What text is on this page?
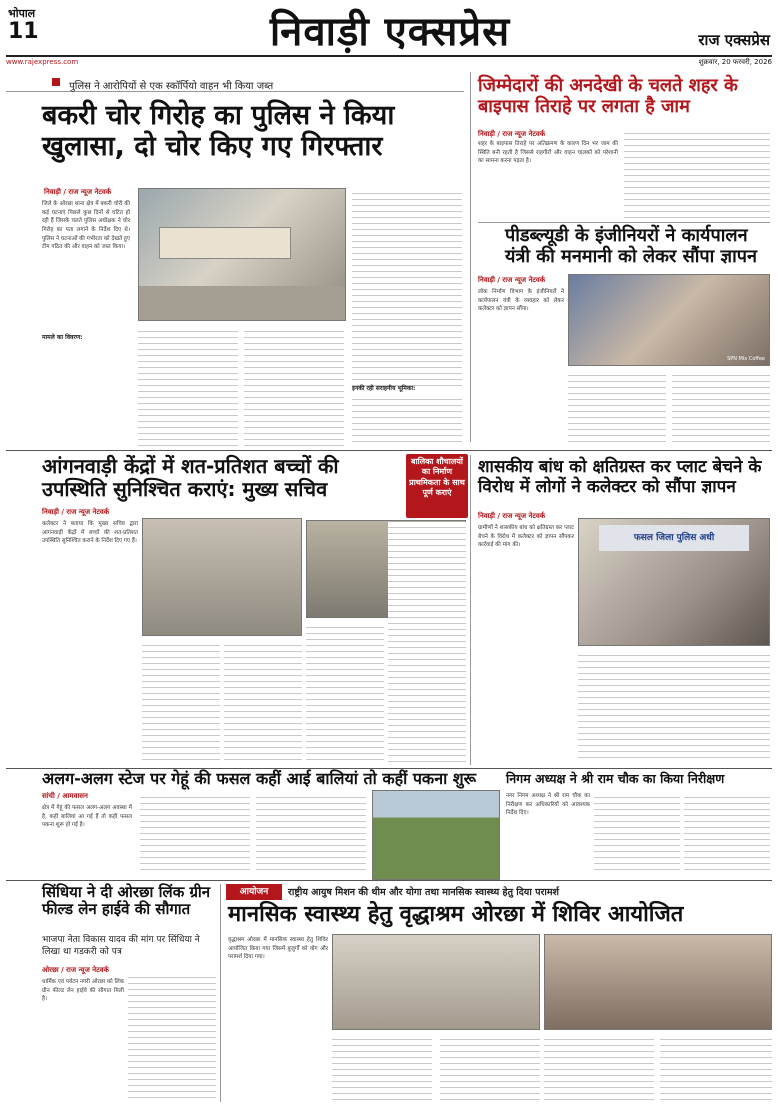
भोपाल
11	निवाड़ी एक्सप्रेस	राज एक्सप्रेस
www.rajexpress.com	शुक्रवार, 20 फरवरी, 2026
पुलिस ने आरोपियों से एक स्कॉर्पियो वाहन भी किया जब्त
बकरी चोर गिरोह का पुलिस ने किया खुलासा, दो चोर किए गए गिरफ्तार
निवाड़ी / राज न्यूज नेटवर्क
जिले के ओरछा थाना क्षेत्र में बकरी चोरी की कई घटनाएं पिछले कुछ दिनों से घटित हो रही हैं जिसके चलते पुलिस अधीक्षक ने चोर गिरोह का पता लगाने के निर्देश दिए थे। पुलिस ने घटनाओं की गंभीरता को देखते हुए टीम गठित की और वाहन को जब्त किया।
इनकी रही सराहनीय भूमिका:
मामले का विवरण:
जिम्मेदारों की अनदेखी के चलते शहर के बाइपास तिराहे पर लगता है जाम
निवाड़ी / राज न्यूज नेटवर्क
शहर के बाइपास तिराहे पर अतिक्रमण के कारण दिन भर जाम की स्थिति बनी रहती है जिससे राहगीरों और वाहन चालकों को परेशानी का सामना करना पड़ता है।
पीडब्ल्यूडी के इंजीनियरों ने कार्यपालन यंत्री की मनमानी को लेकर सौंपा ज्ञापन
निवाड़ी / राज न्यूज नेटवर्क
लोक निर्माण विभाग के इंजीनियरों ने कार्यपालन यंत्री के व्यवहार को लेकर कलेक्टर को ज्ञापन सौंपा।
SPN Mix Coffee
आंगनवाड़ी केंद्रों में शत-प्रतिशत बच्चों की उपस्थिति सुनिश्चित कराएं: मुख्य सचिव
बालिका शौचालयों का निर्माण प्राथमिकता के साथ पूर्ण कराएं
निवाड़ी / राज न्यूज नेटवर्क
कलेक्टर ने बताया कि मुख्य सचिव द्वारा आंगनवाड़ी केंद्रों में बच्चों की शत-प्रतिशत उपस्थिति सुनिश्चित कराने के निर्देश दिए गए हैं।
शासकीय बांध को क्षतिग्रस्त कर प्लाट बेचने के विरोध में लोगों ने कलेक्टर को सौंपा ज्ञापन
निवाड़ी / राज न्यूज नेटवर्क
ग्रामीणों ने शासकीय बांध को क्षतिग्रस्त कर प्लाट बेचने के विरोध में कलेक्टर को ज्ञापन सौंपकर कार्रवाई की मांग की।
फसल जिला पुलिस अधी
अलग-अलग स्टेज पर गेहूं की फसल कहीं आई बालियां तो कहीं पकना शुरू
सांची / आमवासन
क्षेत्र में गेहूं की फसल अलग-अलग अवस्था में है, कहीं बालियां आ गई हैं तो कहीं फसल पकना शुरू हो गई है।
निगम अध्यक्ष ने श्री राम चौक का किया निरीक्षण
नगर निगम अध्यक्ष ने श्री राम चौक का निरीक्षण कर अधिकारियों को आवश्यक निर्देश दिए।
सिंधिया ने दी ओरछा लिंक ग्रीन फील्ड लेन हाईवे की सौगात
भाजपा नेता विकास यादव की मांग पर सिंधिया ने लिखा था गडकरी को पत्र
ओरछा / राज न्यूज नेटवर्क
धार्मिक एवं पर्यटन नगरी ओरछा को लिंक ग्रीन फील्ड लेन हाईवे की सौगात मिली है।
आयोजन	राष्ट्रीय आयुष मिशन की थीम और योगा तथा मानसिक स्वास्थ्य हेतु दिया परामर्श
मानसिक स्वास्थ्य हेतु वृद्धाश्रम ओरछा में शिविर आयोजित
वृद्धाश्रम ओरछा में मानसिक स्वास्थ्य हेतु शिविर आयोजित किया गया जिसमें बुजुर्गों को योग और परामर्श दिया गया।
